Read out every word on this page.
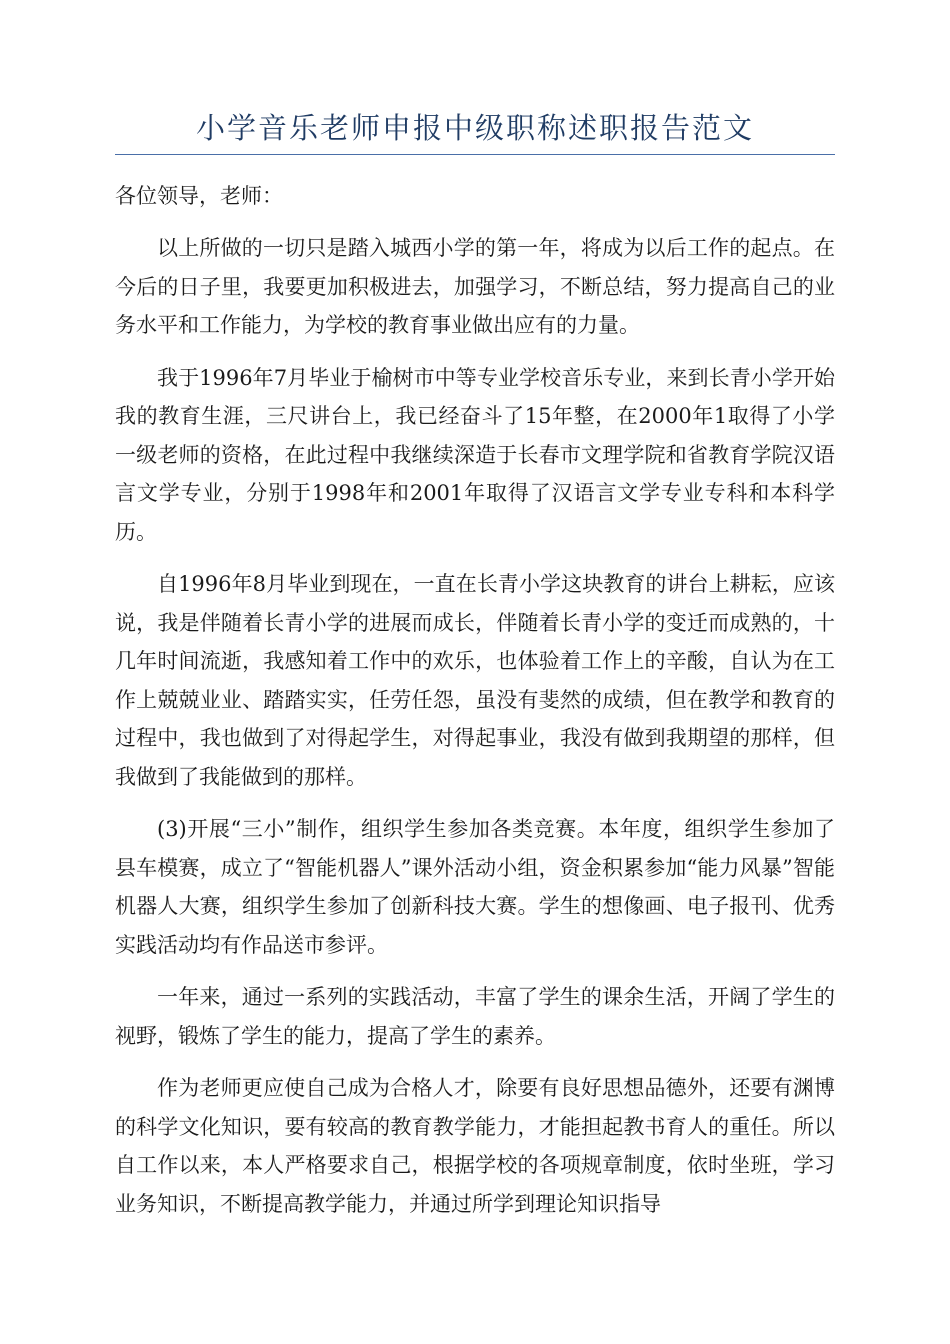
小学音乐老师申报中级职称述职报告范文

各位领导，老师：

以上所做的一切只是踏入城西小学的第一年，将成为以后工作的起点。在今后的日子里，我要更加积极进去，加强学习，不断总结，努力提高自己的业务水平和工作能力，为学校的教育事业做出应有的力量。

我于1996年7月毕业于榆树市中等专业学校音乐专业，来到长青小学开始我的教育生涯，三尺讲台上，我已经奋斗了15年整，在2000年1取得了小学一级老师的资格，在此过程中我继续深造于长春市文理学院和省教育学院汉语言文学专业，分别于1998年和2001年取得了汉语言文学专业专科和本科学历。

自1996年8月毕业到现在，一直在长青小学这块教育的讲台上耕耘，应该说，我是伴随着长青小学的进展而成长，伴随着长青小学的变迁而成熟的，十几年时间流逝，我感知着工作中的欢乐，也体验着工作上的辛酸，自认为在工作上兢兢业业、踏踏实实，任劳任怨，虽没有斐然的成绩，但在教学和教育的过程中，我也做到了对得起学生，对得起事业，我没有做到我期望的那样，但我做到了我能做到的那样。

(3)开展“三小”制作，组织学生参加各类竞赛。本年度，组织学生参加了县车模赛，成立了“智能机器人”课外活动小组，资金积累参加“能力风暴”智能机器人大赛，组织学生参加了创新科技大赛。学生的想像画、电子报刊、优秀实践活动均有作品送市参评。

一年来，通过一系列的实践活动，丰富了学生的课余生活，开阔了学生的视野，锻炼了学生的能力，提高了学生的素养。

作为老师更应使自己成为合格人才，除要有良好思想品德外，还要有渊博的科学文化知识，要有较高的教育教学能力，才能担起教书育人的重任。所以自工作以来，本人严格要求自己，根据学校的各项规章制度，依时坐班，学习业务知识，不断提高教学能力，并通过所学到理论知识指导
